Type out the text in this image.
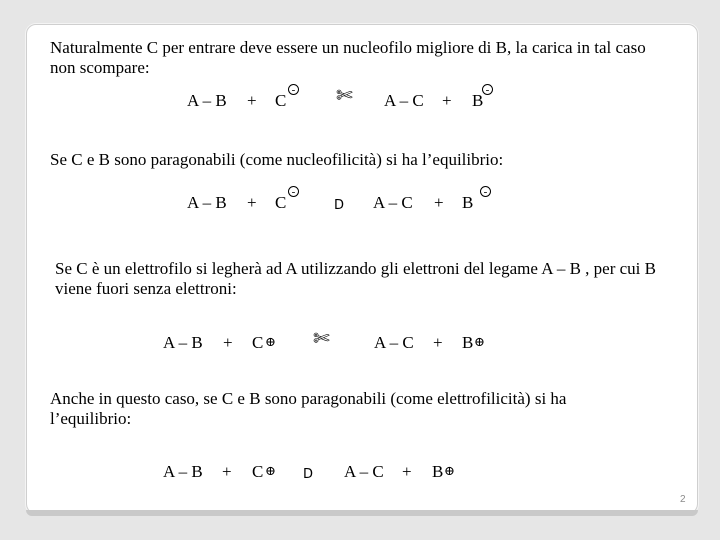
Naturalmente C per entrare deve essere un nucleofilo migliore di B, la carica in tal caso non scompare:
A – B + C
- ✄ A – C + B
-
Se C e B sono paragonabili (come nucleofilicità) si ha l’equilibrio:
A – B + C
-
D A – C + B
-
Se C è un elettrofilo si legherà ad A utilizzando gli elettroni del legame A – B , per cui B viene fuori senza elettroni:
A – B + C ⊕ ✄	A – C + B ⊕
Anche in questo caso, se C e B sono paragonabili (come elettrofilicità) si ha l’equilibrio:
A – B + C ⊕ D A – C + B ⊕
2
